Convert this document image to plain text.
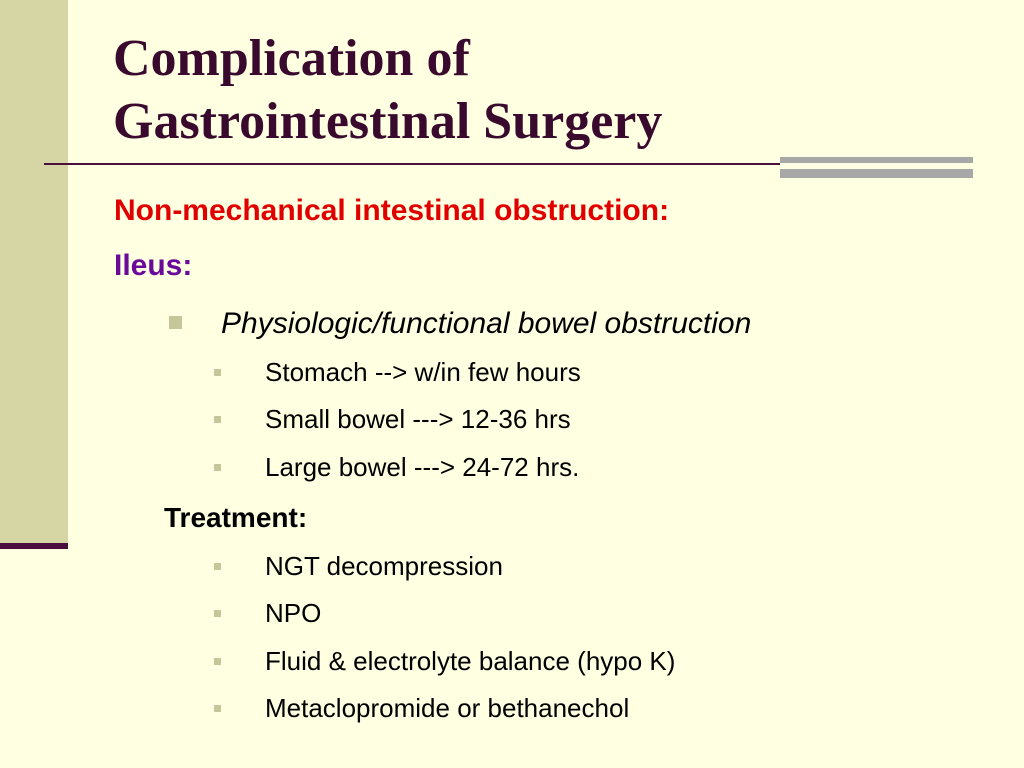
Complication of
Gastrointestinal Surgery
Non-mechanical intestinal obstruction:
Ileus:
Physiologic/functional bowel obstruction
Stomach --> w/in few hours
Small bowel ---> 12-36 hrs
Large bowel ---> 24-72 hrs.
Treatment:
NGT decompression
NPO
Fluid & electrolyte balance (hypo K)
Metaclopromide or bethanechol
